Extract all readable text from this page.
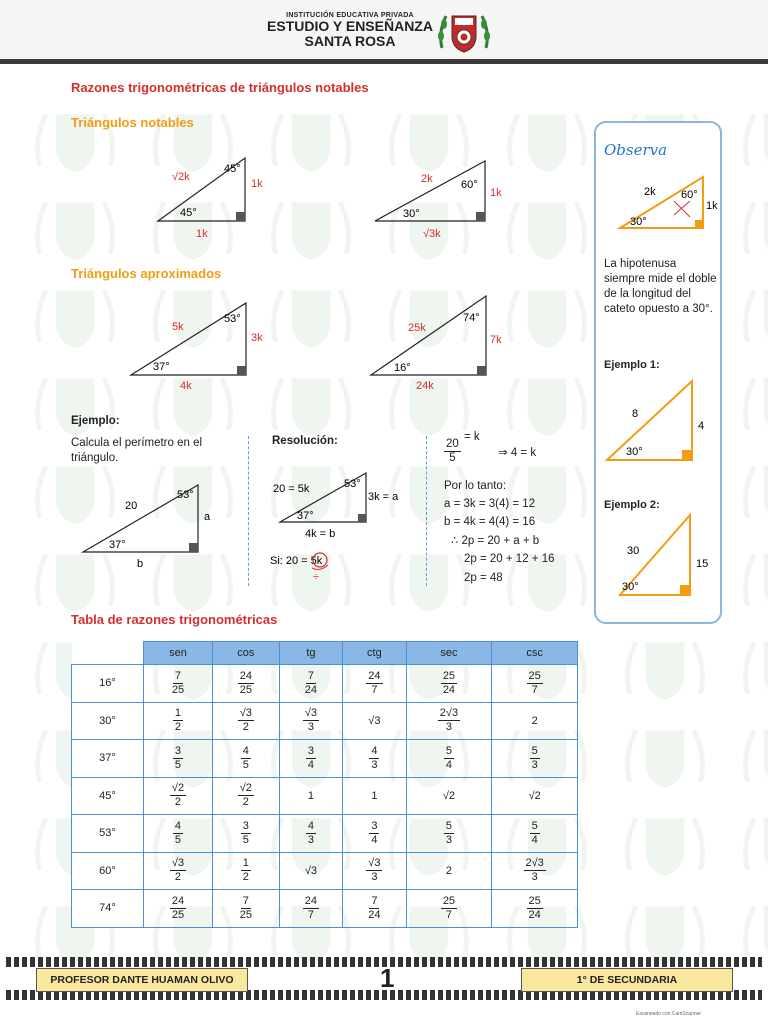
INSTITUCIÓN EDUCATIVA PRIVADA
ESTUDIO Y ENSEÑANZA
SANTA ROSA
Razones trigonométricas de triángulos notables
Triángulos notables
Triángulos aproximados
√2k
45°
1k
45°
1k
2k	60°
1k
30°
√3k
5k
53°
3k
37°
4k
25k
74°
7k
16°
24k
Ejemplo:
Calcula el perímetro en el triángulo.
20
53°
a
37°
b
Resolución:
20 = 5k	53°
3k = a
37°
4k = b
Si: 20 = 5k
÷
$\frac{20}{5}$
= k
⇒ 4 = k
Por lo tanto:
a = 3k = 3(4) = 12
b = 4k = 4(4) = 16
∴ 2p = 20 + a + b
2p = 20 + 12 + 16
2p = 48
Observa
2k 60°
1k
30°
La hipotenusa siempre mide el doble de la longitud del cateto opuesto a 30°.
Ejemplo 1:
8
4
30°
Ejemplo 2:
30
15
30°
Tabla de razones trigonométricas
	sen	cos	tg	ctg	sec	csc
16°	$\frac{7}{25}$	$\frac{24}{25}$	$\frac{7}{24}$	$\frac{24}{7}$	$\frac{25}{24}$	$\frac{25}{7}$

30°	$\frac{1}{2}$	$\frac{√3}{2}$	$\frac{√3}{3}$	√3	$\frac{2√3}{3}$	2
37°	$\frac{3}{5}$	$\frac{4}{5}$	$\frac{3}{4}$	$\frac{4}{3}$	$\frac{5}{4}$	$\frac{5}{3}$

45°	$\frac{√2}{2}$	$\frac{√2}{2}$	1	1	√2	√2
53°	$\frac{4}{5}$	$\frac{3}{5}$	$\frac{4}{3}$	$\frac{3}{4}$	$\frac{5}{3}$	$\frac{5}{4}$

60°	$\frac{√3}{2}$	$\frac{1}{2}$	√3	$\frac{√3}{3}$	2	$\frac{2√3}{3}$

74°	$\frac{24}{25}$	$\frac{7}{25}$	$\frac{24}{7}$	$\frac{7}{24}$	$\frac{25}{7}$	$\frac{25}{24}$
PROFESOR DANTE HUAMAN OLIVO	1	1° DE SECUNDARIA
Escaneado con CamScanner
